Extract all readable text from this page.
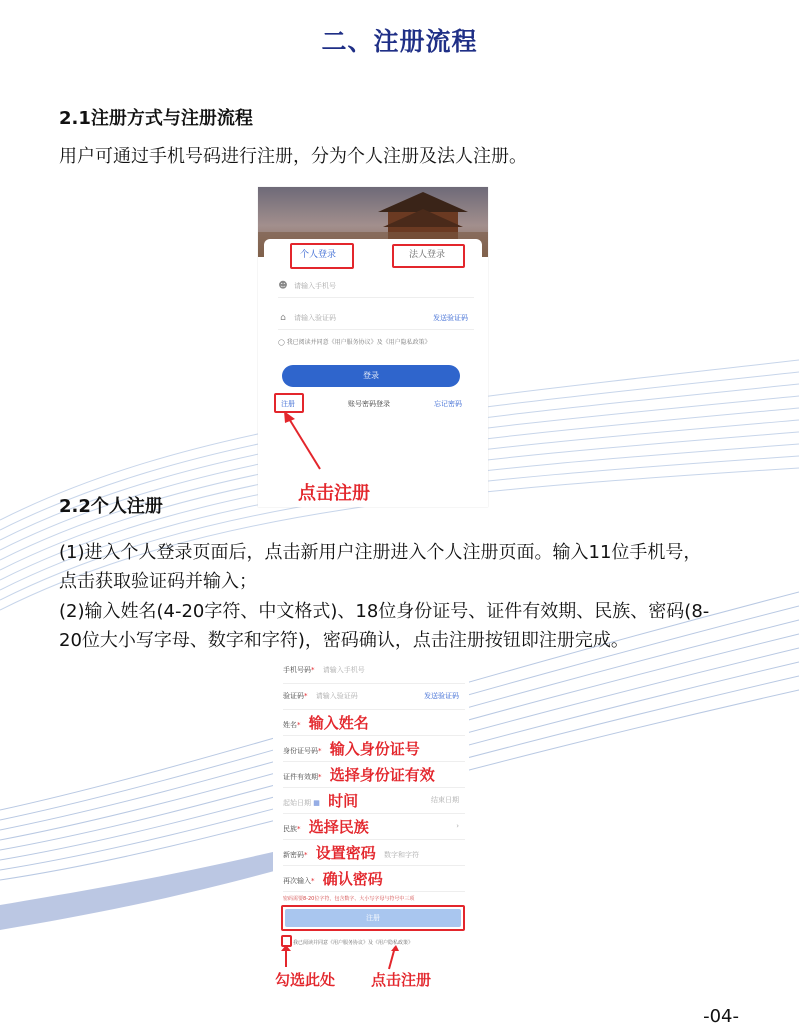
二、注册流程
2.1注册方式与注册流程
用户可通过手机号码进行注册，分为个人注册及法人注册。
个人登录	法人登录
☻ 请输入手机号
⌂ 请输入验证码	发送验证码
◯ 我已阅读并同意《用户服务协议》及《用户隐私政策》
登录
注册	账号密码登录	忘记密码
点击注册
2.2个人注册
(1)进入个人登录页面后，点击新用户注册进入个人注册页面。输入11位手机号，点击获取验证码并输入；
(2)输入姓名(4-20字符、中文格式)、18位身份证号、证件有效期、民族、密码(8-20位大小写字母、数字和字符)，密码确认，点击注册按钮即注册完成。
手机号码* 请输入手机号
验证码* 请输入验证码	发送验证码
姓名* 输入姓名
身份证号码* 输入身份证号
证件有效期* 选择身份证有效
起始日期 ▦ 时间	结束日期
民族* 选择民族	›
新密码* 设置密码 数字和字符
再次输入* 确认密码
密码需要8-20位字符，包含数字、大小写字母与符号中三项
注册
我已阅读并同意《用户服务协议》及《用户隐私政策》
勾选此处 点击注册
-04-
